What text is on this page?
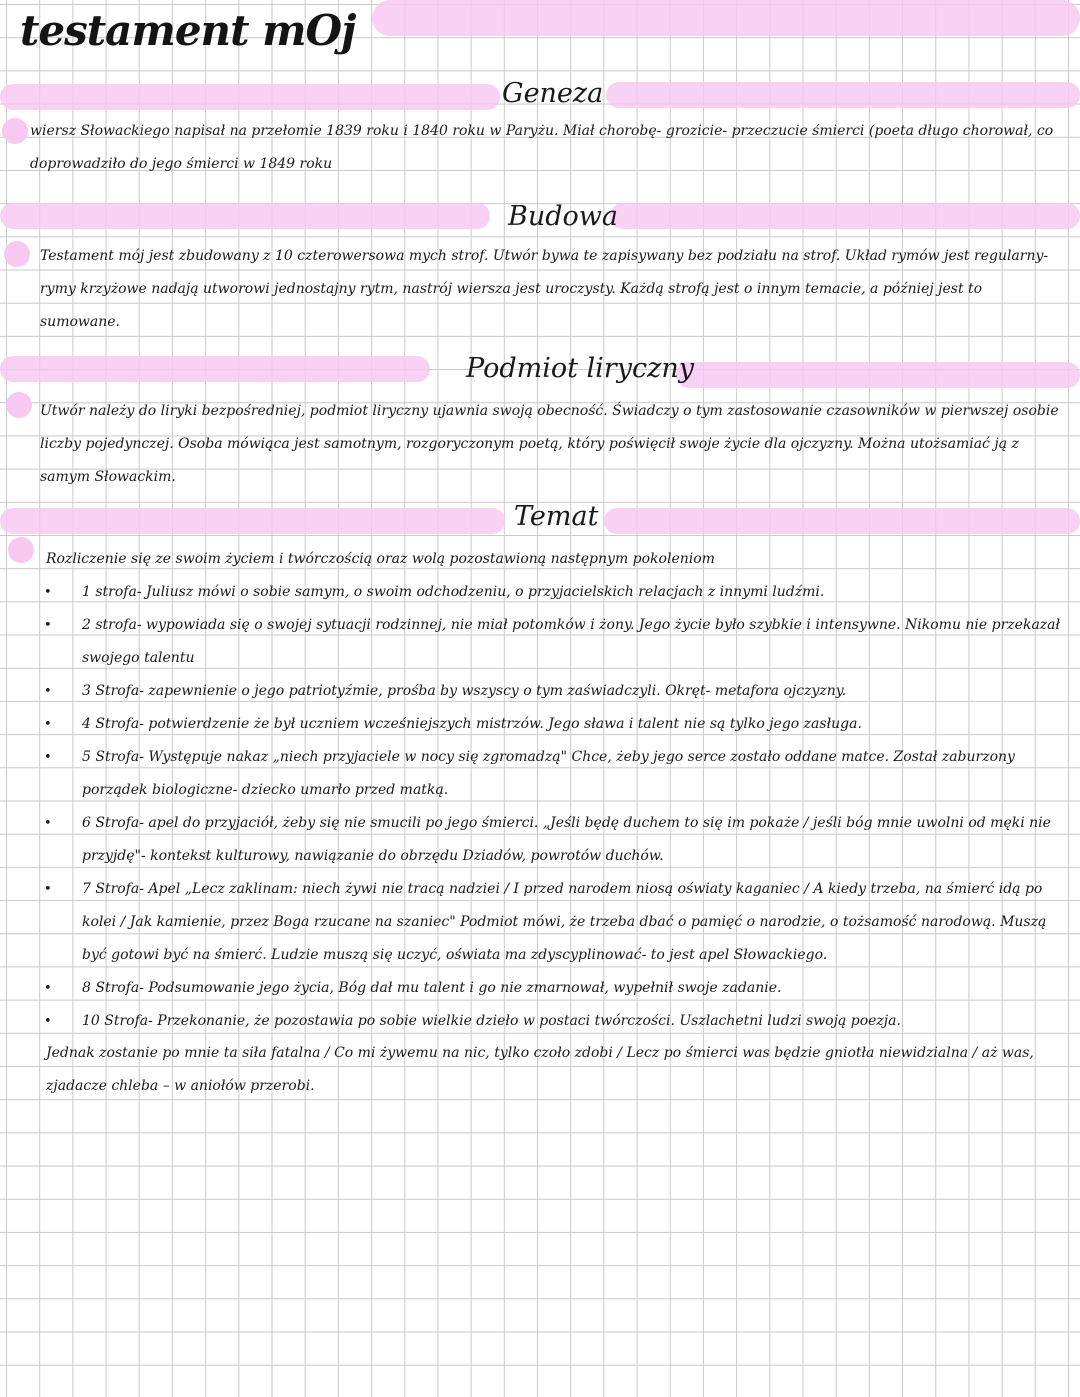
testament mOj
Geneza

wiersz Słowackiego napisał na przełomie 1839 roku i 1840 roku w Paryżu. Miał chorobę- grozicie- przeczucie śmierci (poeta długo chorował, co doprowadziło do jego śmierci w 1849 roku

Budowa

Testament mój jest zbudowany z 10 czterowersowa mych strof. Utwór bywa te zapisywany bez podziału na strof. Układ rymów jest regularny- rymy krzyżowe nadają utworowi jednostajny rytm, nastrój wiersza jest uroczysty. Każdą strofą jest o innym temacie, a później jest to sumowane.

Podmiot liryczny

Utwór należy do liryki bezpośredniej, podmiot liryczny ujawnia swoją obecność. Świadczy o tym zastosowanie czasowników w pierwszej osobie liczby pojedynczej. Osoba mówiąca jest samotnym, rozgoryczonym poetą, który poświęcił swoje życie dla ojczyzny. Można utożsamiać ją z samym Słowackim.

Temat

Rozliczenie się ze swoim życiem i twórczością oraz wolą pozostawioną następnym pokoleniom

• 1 strofa- Juliusz mówi o sobie samym, o swoim odchodzeniu, o przyjacielskich relacjach z innymi ludźmi.
• 2 strofa- wypowiada się o swojej sytuacji rodzinnej, nie miał potomków i żony. Jego życie było szybkie i intensywne. Nikomu nie przekazał swojego talentu
• 3 Strofa- zapewnienie o jego patriotyźmie, prośba by wszyscy o tym zaświadczyli. Okręt- metafora ojczyzny.
• 4 Strofa- potwierdzenie że był uczniem wcześniejszych mistrzów. Jego sława i talent nie są tylko jego zasługa.
• 5 Strofa- Występuje nakaz „niech przyjaciele w nocy się zgromadzą" Chce, żeby jego serce zostało oddane matce. Został zaburzony porządek biologiczne- dziecko umarło przed matką.
• 6 Strofa- apel do przyjaciół, żeby się nie smucili po jego śmierci. „Jeśli będę duchem to się im pokaże / jeśli bóg mnie uwolni od męki nie przyjdę"- kontekst kulturowy, nawiązanie do obrzędu Dziadów, powrotów duchów.
• 7 Strofa- Apel „Lecz zaklinam: niech żywi nie tracą nadziei / I przed narodem niosą oświaty kaganiec / A kiedy trzeba, na śmierć idą po kolei / Jak kamienie, przez Boga rzucane na szaniec" Podmiot mówi, że trzeba dbać o pamięć o narodzie, o tożsamość narodową. Muszą być gotowi być na śmierć. Ludzie muszą się uczyć, oświata ma zdyscyplinować- to jest apel Słowackiego.
• 8 Strofa- Podsumowanie jego życia, Bóg dał mu talent i go nie zmarnował, wypełnił swoje zadanie.
• 10 Strofa- Przekonanie, że pozostawia po sobie wielkie dzieło w postaci twórczości. Uszlachetni ludzi swoją poezja.

Jednak zostanie po mnie ta siła fatalna / Co mi żywemu na nic, tylko czoło zdobi / Lecz po śmierci was będzie gniotła niewidzialna / aż was, zjadacze chleba – w aniołów przerobi.
